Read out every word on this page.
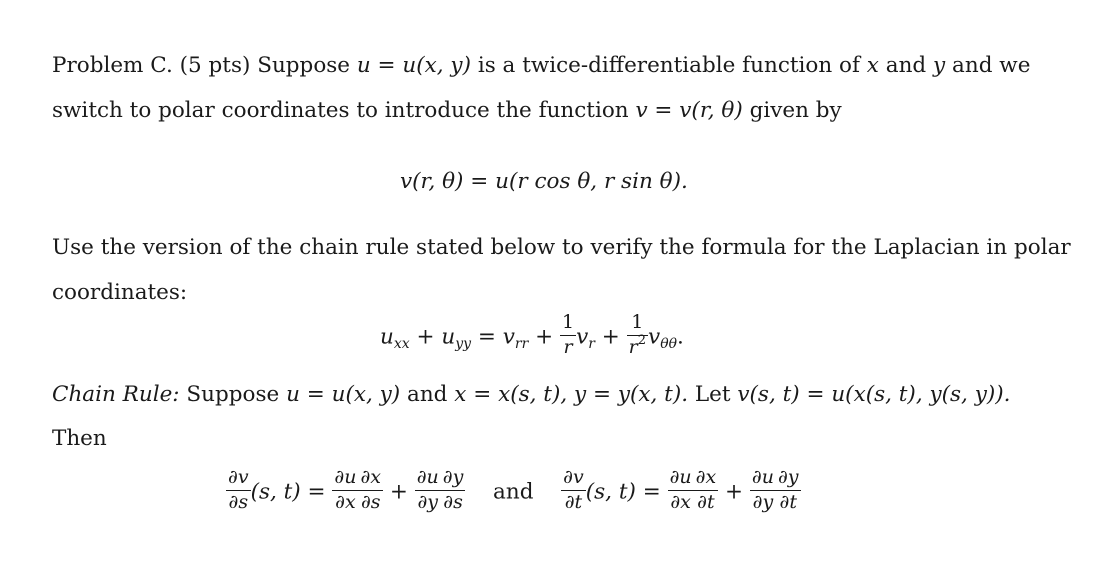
Problem C. (5 pts) Suppose u = u(x, y) is a twice-differentiable function of x and y and we
switch to polar coordinates to introduce the function v = v(r, θ) given by
v(r, θ) = u(r cos θ, r sin θ).
Use the version of the chain rule stated below to verify the formula for the Laplacian in polar
coordinates:
$u_{xx} + u_{yy} = v_{rr} + \frac{1}{r} v_r + \frac{1}{r^2} v_{\theta\theta}$.
Chain Rule: Suppose u = u(x, y) and x = x(s, t), y = y(x, t). Let v(s, t) = u(x(s, t), y(s, y)).
Then
$\frac{\partial v}{\partial s} (s$, $t) = \frac{\partial u}{\partial x} \frac{\partial x}{\partial s} + \frac{\partial u}{\partial y} \frac{\partial y}{\partial s}$ and $\frac{\partial v}{\partial t} (s$, $t) = \frac{\partial u}{\partial x} \frac{\partial x}{\partial t} + \frac{\partial u}{\partial y} \frac{\partial y}{\partial t}$
